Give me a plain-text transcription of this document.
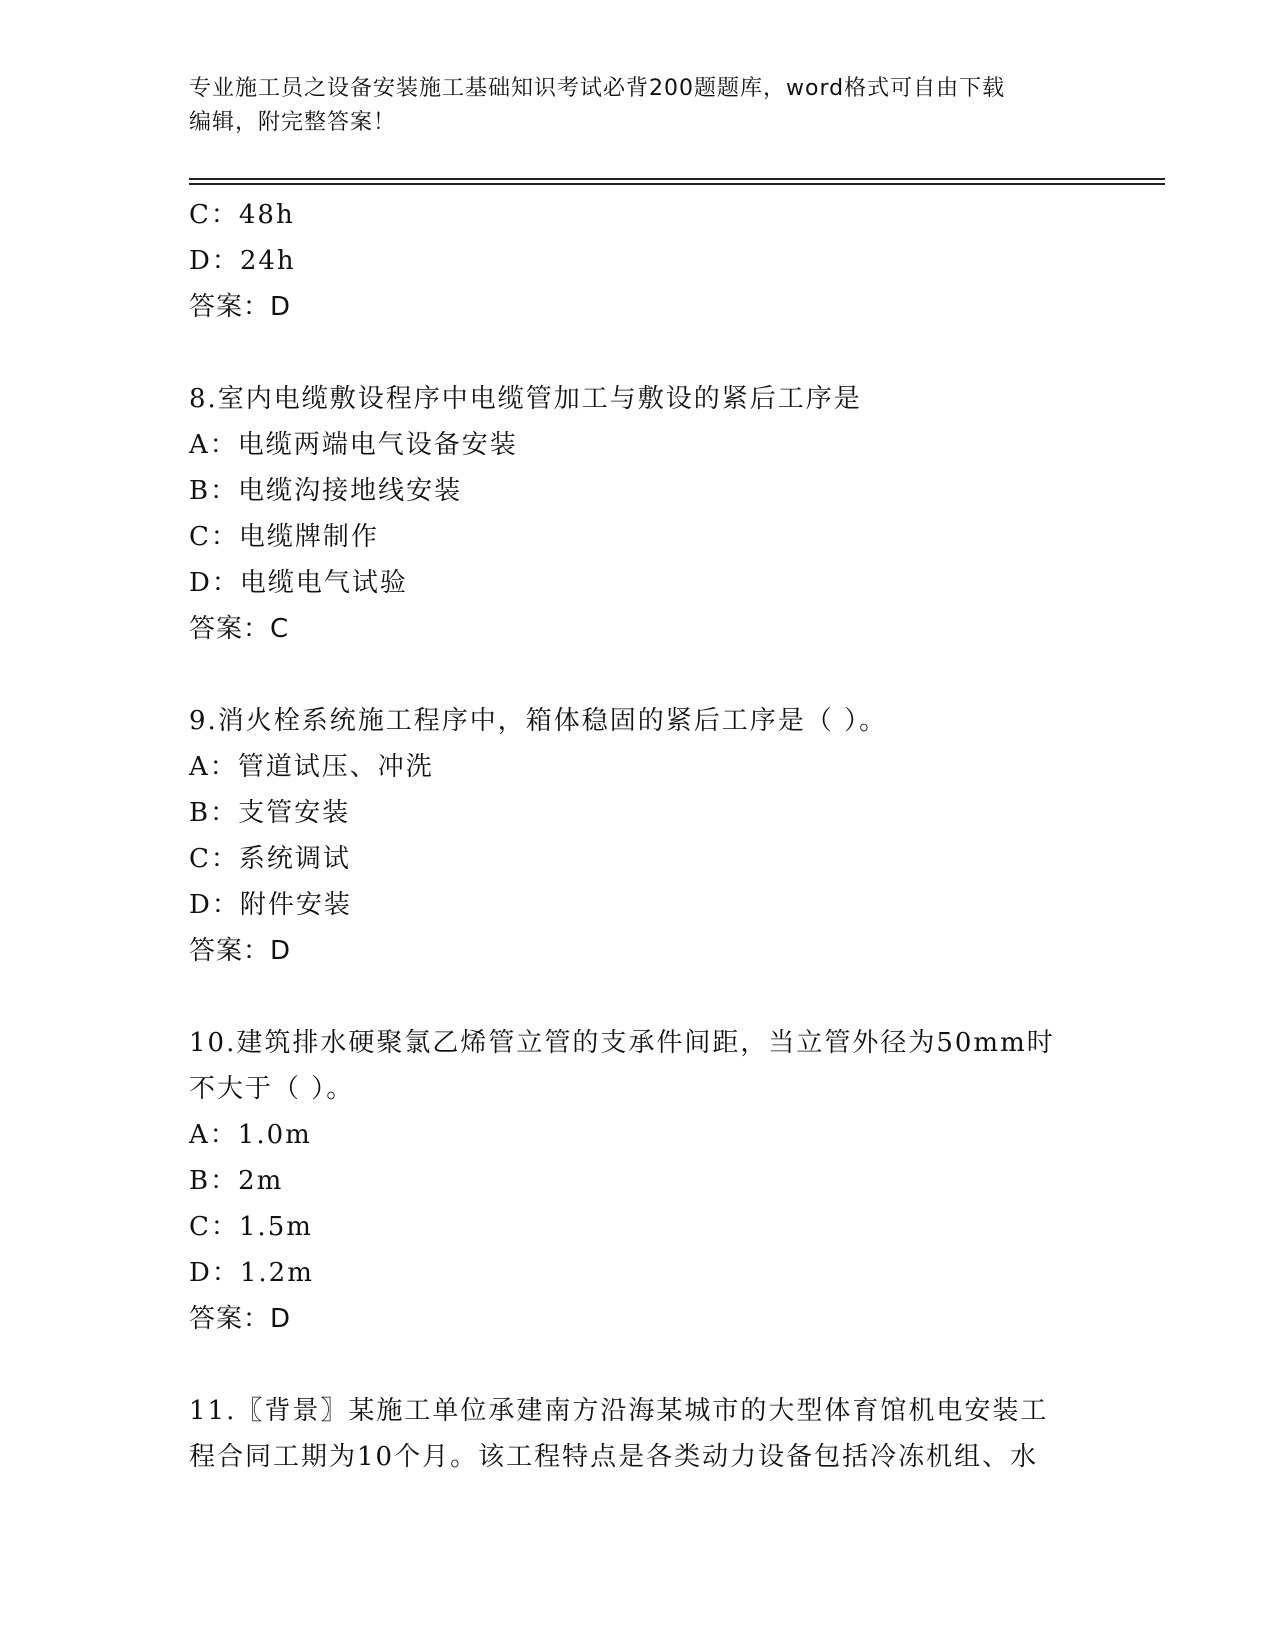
专业施工员之设备安装施工基础知识考试必背200题题库，word格式可自由下载
编辑，附完整答案！
C：48h
D：24h
答案：D
8.室内电缆敷设程序中电缆管加工与敷设的紧后工序是
A：电缆两端电气设备安装
B：电缆沟接地线安装
C：电缆牌制作
D：电缆电气试验
答案：C
9.消火栓系统施工程序中，箱体稳固的紧后工序是（ ）。
A：管道试压、冲洗
B：支管安装
C：系统调试
D：附件安装
答案：D
10.建筑排水硬聚氯乙烯管立管的支承件间距，当立管外径为50mm时
不大于（ ）。
A：1.0m
B：2m
C：1.5m
D：1.2m
答案：D
11.〖背景〗某施工单位承建南方沿海某城市的大型体育馆机电安装工
程合同工期为10个月。该工程特点是各类动力设备包括冷冻机组、水
